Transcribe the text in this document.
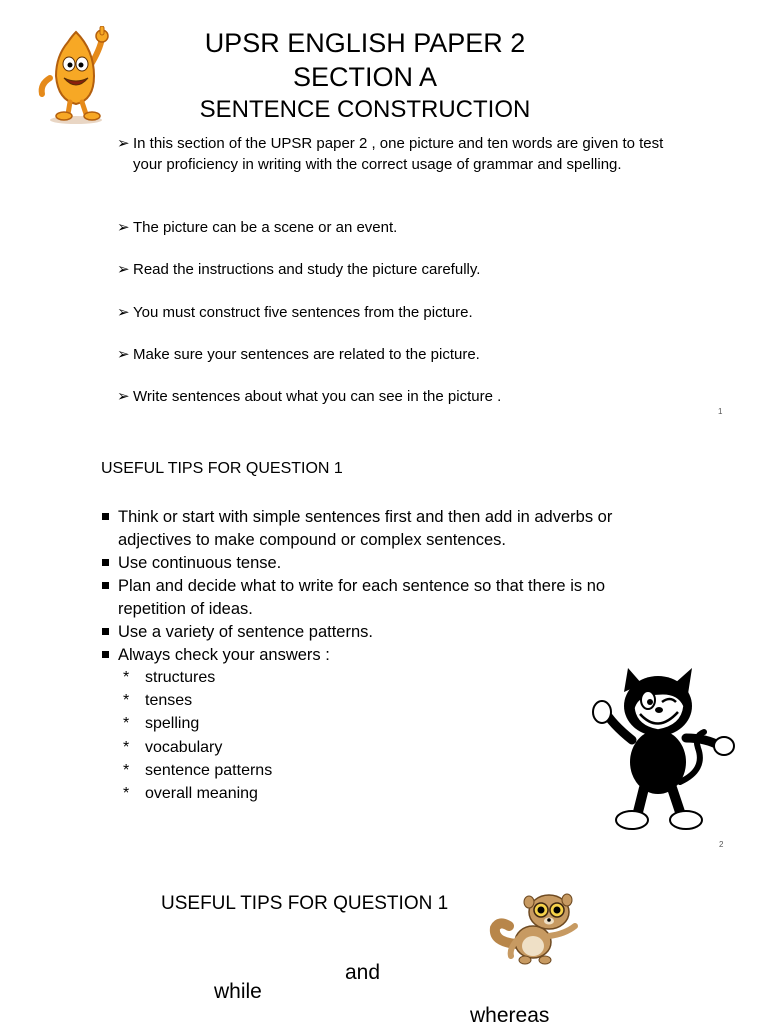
UPSR ENGLISH PAPER 2
SECTION A
SENTENCE CONSTRUCTION
➢ In this section of the UPSR paper 2 , one picture and ten words are given to test your proficiency in writing with the correct usage of grammar and spelling.
➢ The picture can be a scene or an event.
➢ Read the instructions and study the picture carefully.
➢ You must construct five sentences from the picture.
➢ Make sure your sentences are related to the picture.
➢ Write sentences about what you can see in the picture .
1
USEFUL TIPS FOR QUESTION 1
Think or start with simple sentences first and then add in adverbs or adjectives to make compound or complex sentences.
Use continuous tense.
Plan and decide what to write for each sentence so that there is no repetition of ideas.
Use a variety of sentence patterns.
Always check your answers :
* structures
* tenses
* spelling
* vocabulary
* sentence patterns
* overall meaning
2
USEFUL TIPS FOR QUESTION 1
and
while
whereas
